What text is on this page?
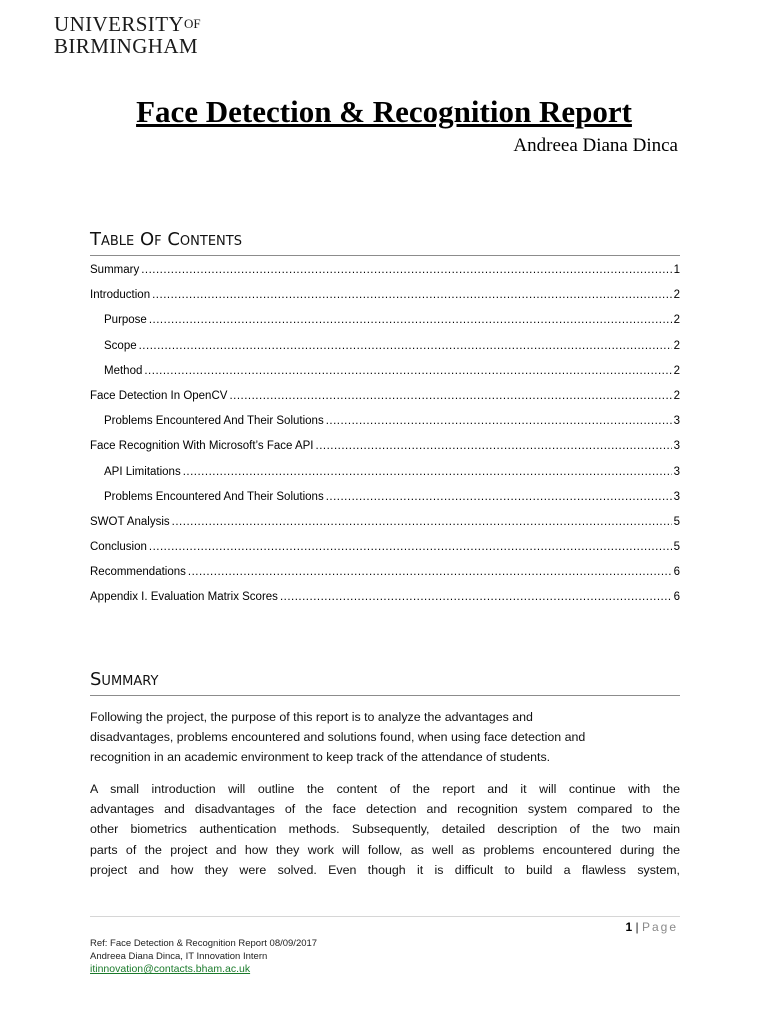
$UNIVERSITY^{OF}$
BIRMINGHAM
Face Detection & Recognition Report
Andreea Diana Dinca
Table Of Contents
Summary .....	1
Introduction .....	2
Purpose .....	2
Scope .....	2
Method .....	2
Face Detection In OpenCV .....	2
Problems Encountered And Their Solutions .....	3
Face Recognition With Microsoft’s Face API .....	3
API Limitations .....	3
Problems Encountered And Their Solutions .....	3
SWOT Analysis .....	5
Conclusion .....	5
Recommendations .....	6
Appendix I. Evaluation Matrix Scores .....	6
Summary
Following the project, the purpose of this report is to analyze the advantages and
disadvantages, problems encountered and solutions found, when using face detection and
recognition in an academic environment to keep track of the attendance of students.
A small introduction will outline the content of the report and it will continue with the
advantages and disadvantages of the face detection and recognition system compared to the
other biometrics authentication methods. Subsequently, detailed description of the two main
parts of the project and how they work will follow, as well as problems encountered during the
project and how they were solved. Even though it is difficult to build a flawless system,
1 | Page
Ref: Face Detection & Recognition Report 08/09/2017
Andreea Diana Dinca, IT Innovation Intern
itinnovation@contacts.bham.ac.uk
